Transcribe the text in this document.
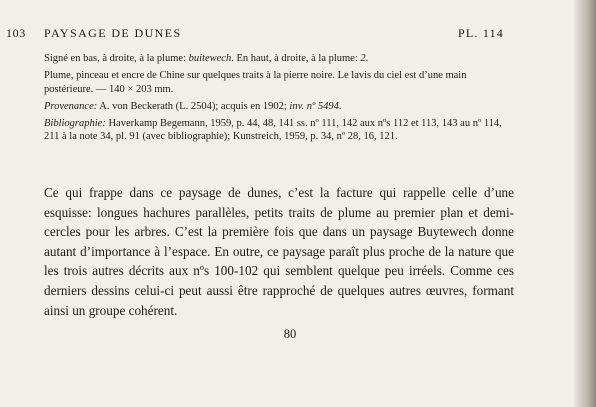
103 PAYSAGE DE DUNES	PL. 114

Signé en bas, à droite, à la plume: buitewech. En haut, à droite, à la plume: 2.

Plume, pinceau et encre de Chine sur quelques traits à la pierre noire. Le lavis du ciel est d’une main postérieure. — 140 × 203 mm.

Provenance: A. von Beckerath (L. 2504); acquis en 1902; inv. nº 5494.

Bibliographie: Haverkamp Begemann, 1959, p. 44, 48, 141 ss. nº 111, 142 aux nºs 112 et 113, 143 au nº 114, 211 à la note 34, pl. 91 (avec bibliographie); Kunstreich, 1959, p. 34, nº 28, 16, 121.

Ce qui frappe dans ce paysage de dunes, c’est la facture qui rappelle celle d’une esquisse: longues hachures parallèles, petits traits de plume au premier plan et demi-cercles pour les arbres. C’est la première fois que dans un paysage Buytewech donne autant d’importance à l’espace. En outre, ce paysage paraît plus proche de la nature que les trois autres décrits aux nºs 100-102 qui semblent quelque peu irréels. Comme ces derniers dessins celui-ci peut aussi être rapproché de quelques autres œuvres, formant ainsi un groupe cohérent.

80
